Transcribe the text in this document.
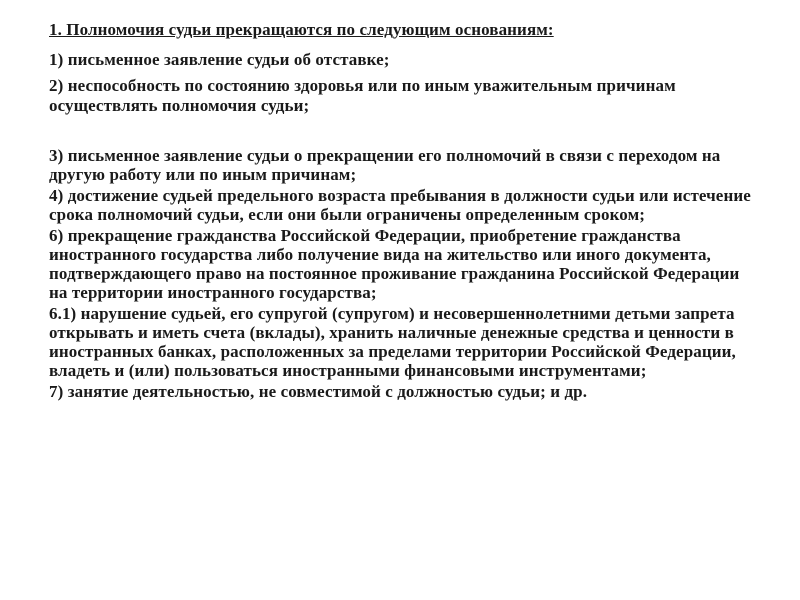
1. Полномочия судьи прекращаются по следующим основаниям:
1) письменное заявление судьи об отставке;
2) неспособность по состоянию здоровья или по иным уважительным причинам осуществлять полномочия судьи;
3) письменное заявление судьи о прекращении его полномочий в связи с переходом на другую работу или по иным причинам;
4) достижение судьей предельного возраста пребывания в должности судьи или истечение срока полномочий судьи, если они были ограничены определенным сроком;
6) прекращение гражданства Российской Федерации, приобретение гражданства иностранного государства либо получение вида на жительство или иного документа, подтверждающего право на постоянное проживание гражданина Российской Федерации на территории иностранного государства;
6.1) нарушение судьей, его супругой (супругом) и несовершеннолетними детьми запрета открывать и иметь счета (вклады), хранить наличные денежные средства и ценности в иностранных банках, расположенных за пределами территории Российской Федерации, владеть и (или) пользоваться иностранными финансовыми инструментами;
7) занятие деятельностью, не совместимой с должностью судьи; и др.
